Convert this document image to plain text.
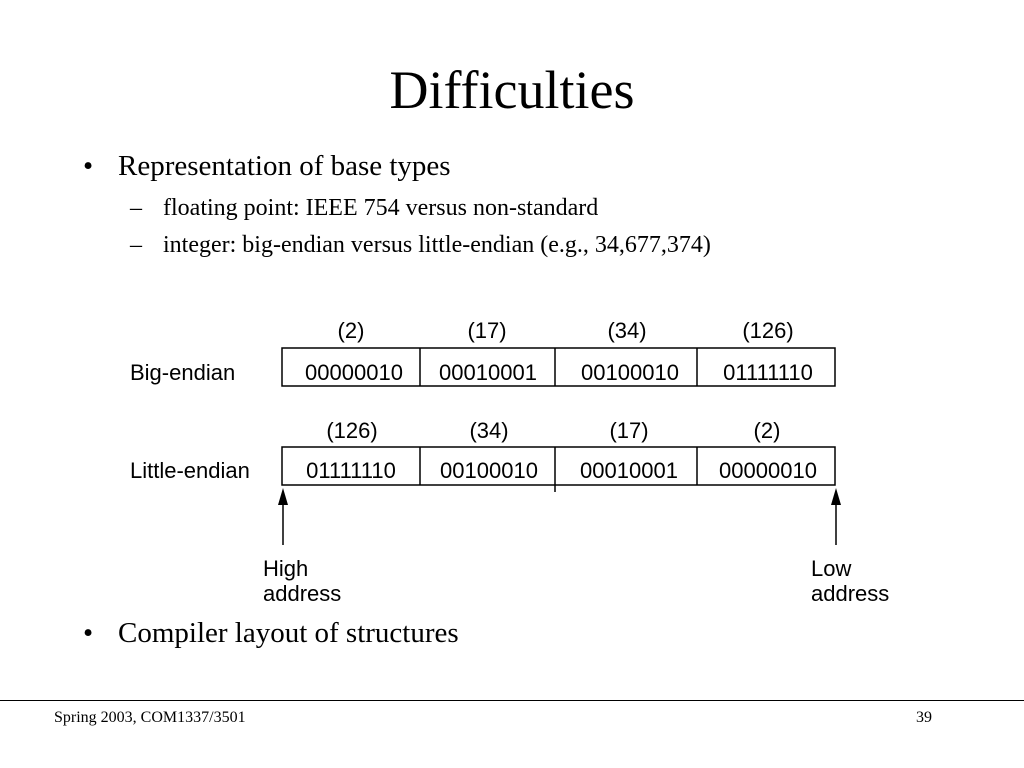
Difficulties
• Representation of base types
– floating point: IEEE 754 versus non-standard
– integer: big-endian versus little-endian (e.g., 34,677,374)
(2)	(17)	(34)	(126)
Big-endian	00000010 00010001 00100010 01111110
(126)	(34)	(17)	(2)
Little-endian	01111110 00100010 00010001 00000010
High
address
Low
address
• Compiler layout of structures
Spring 2003, COM1337/3501	39
